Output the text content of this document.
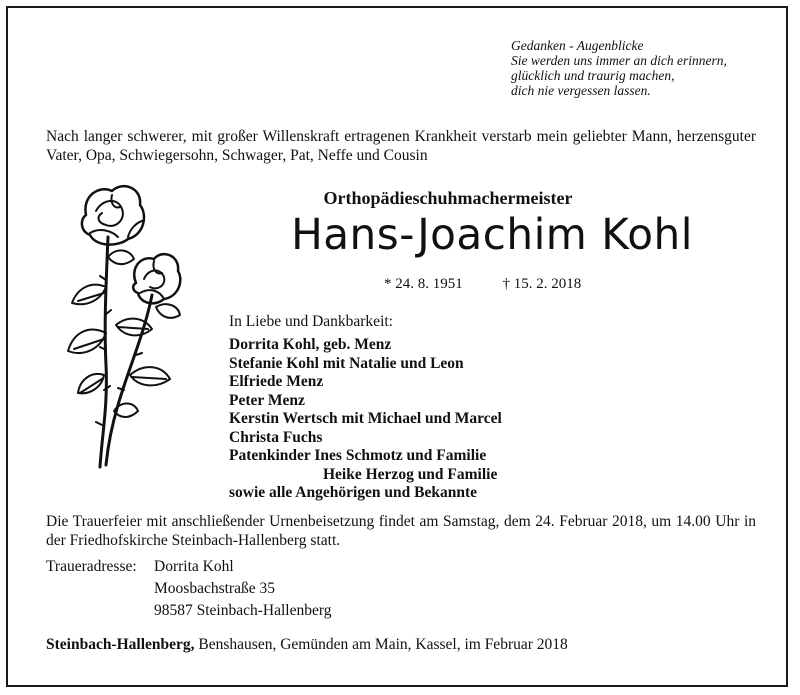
Gedanken - Augenblicke
Sie werden uns immer an dich erinnern,
glücklich und traurig machen,
dich nie vergessen lassen.
Nach langer schwerer, mit großer Willenskraft ertragenen Krankheit verstarb mein geliebter Mann, herzensguter Vater, Opa, Schwiegersohn, Schwager, Pat, Neffe und Cousin
Orthopädieschuhmachermeister
Hans-Joachim Kohl
* 24. 8. 1951	† 15. 2. 2018
In Liebe und Dankbarkeit:
Dorrita Kohl, geb. Menz
Stefanie Kohl mit Natalie und Leon
Elfriede Menz
Peter Menz
Kerstin Wertsch mit Michael und Marcel
Christa Fuchs
Patenkinder Ines Schmotz und Familie
Heike Herzog und Familie
sowie alle Angehörigen und Bekannte
Die Trauerfeier mit anschließender Urnenbeisetzung findet am Samstag, dem 24. Februar 2018, um 14.00 Uhr in der Friedhofskirche Steinbach-Hallenberg statt.
Traueradresse: Dorrita Kohl
Moosbachstraße 35
98587 Steinbach-Hallenberg
Steinbach-Hallenberg, Benshausen, Gemünden am Main, Kassel, im Februar 2018
